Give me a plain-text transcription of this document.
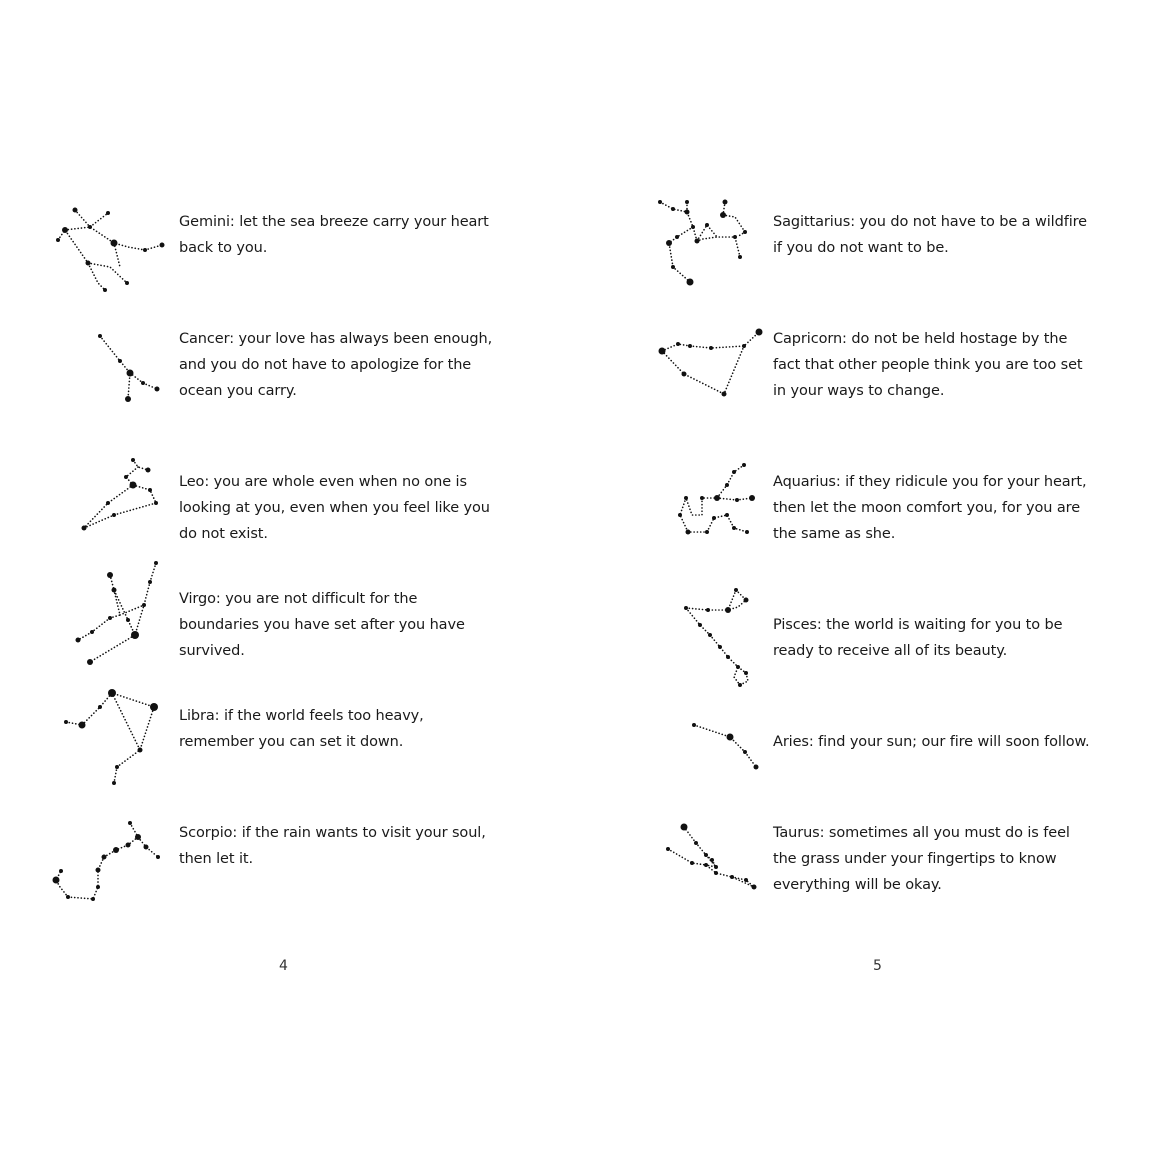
Gemini: let the sea breeze carry your heart back to you.
Cancer: your love has always been enough, and you do not have to apologize for the ocean you carry.
Leo: you are whole even when no one is looking at you, even when you feel like you do not exist.
Virgo: you are not difficult for the boundaries you have set after you have survived.
Libra: if the world feels too heavy, remember you can set it down.
Scorpio: if the rain wants to visit your soul, then let it.
4
Sagittarius: you do not have to be a wildfire if you do not want to be.
Capricorn: do not be held hostage by the fact that other people think you are too set in your ways to change.
Aquarius: if they ridicule you for your heart, then let the moon comfort you, for you are the same as she.
Pisces: the world is waiting for you to be ready to receive all of its beauty.
Aries: find your sun; our fire will soon follow.
Taurus: sometimes all you must do is feel the grass under your fingertips to know everything will be okay.
5
